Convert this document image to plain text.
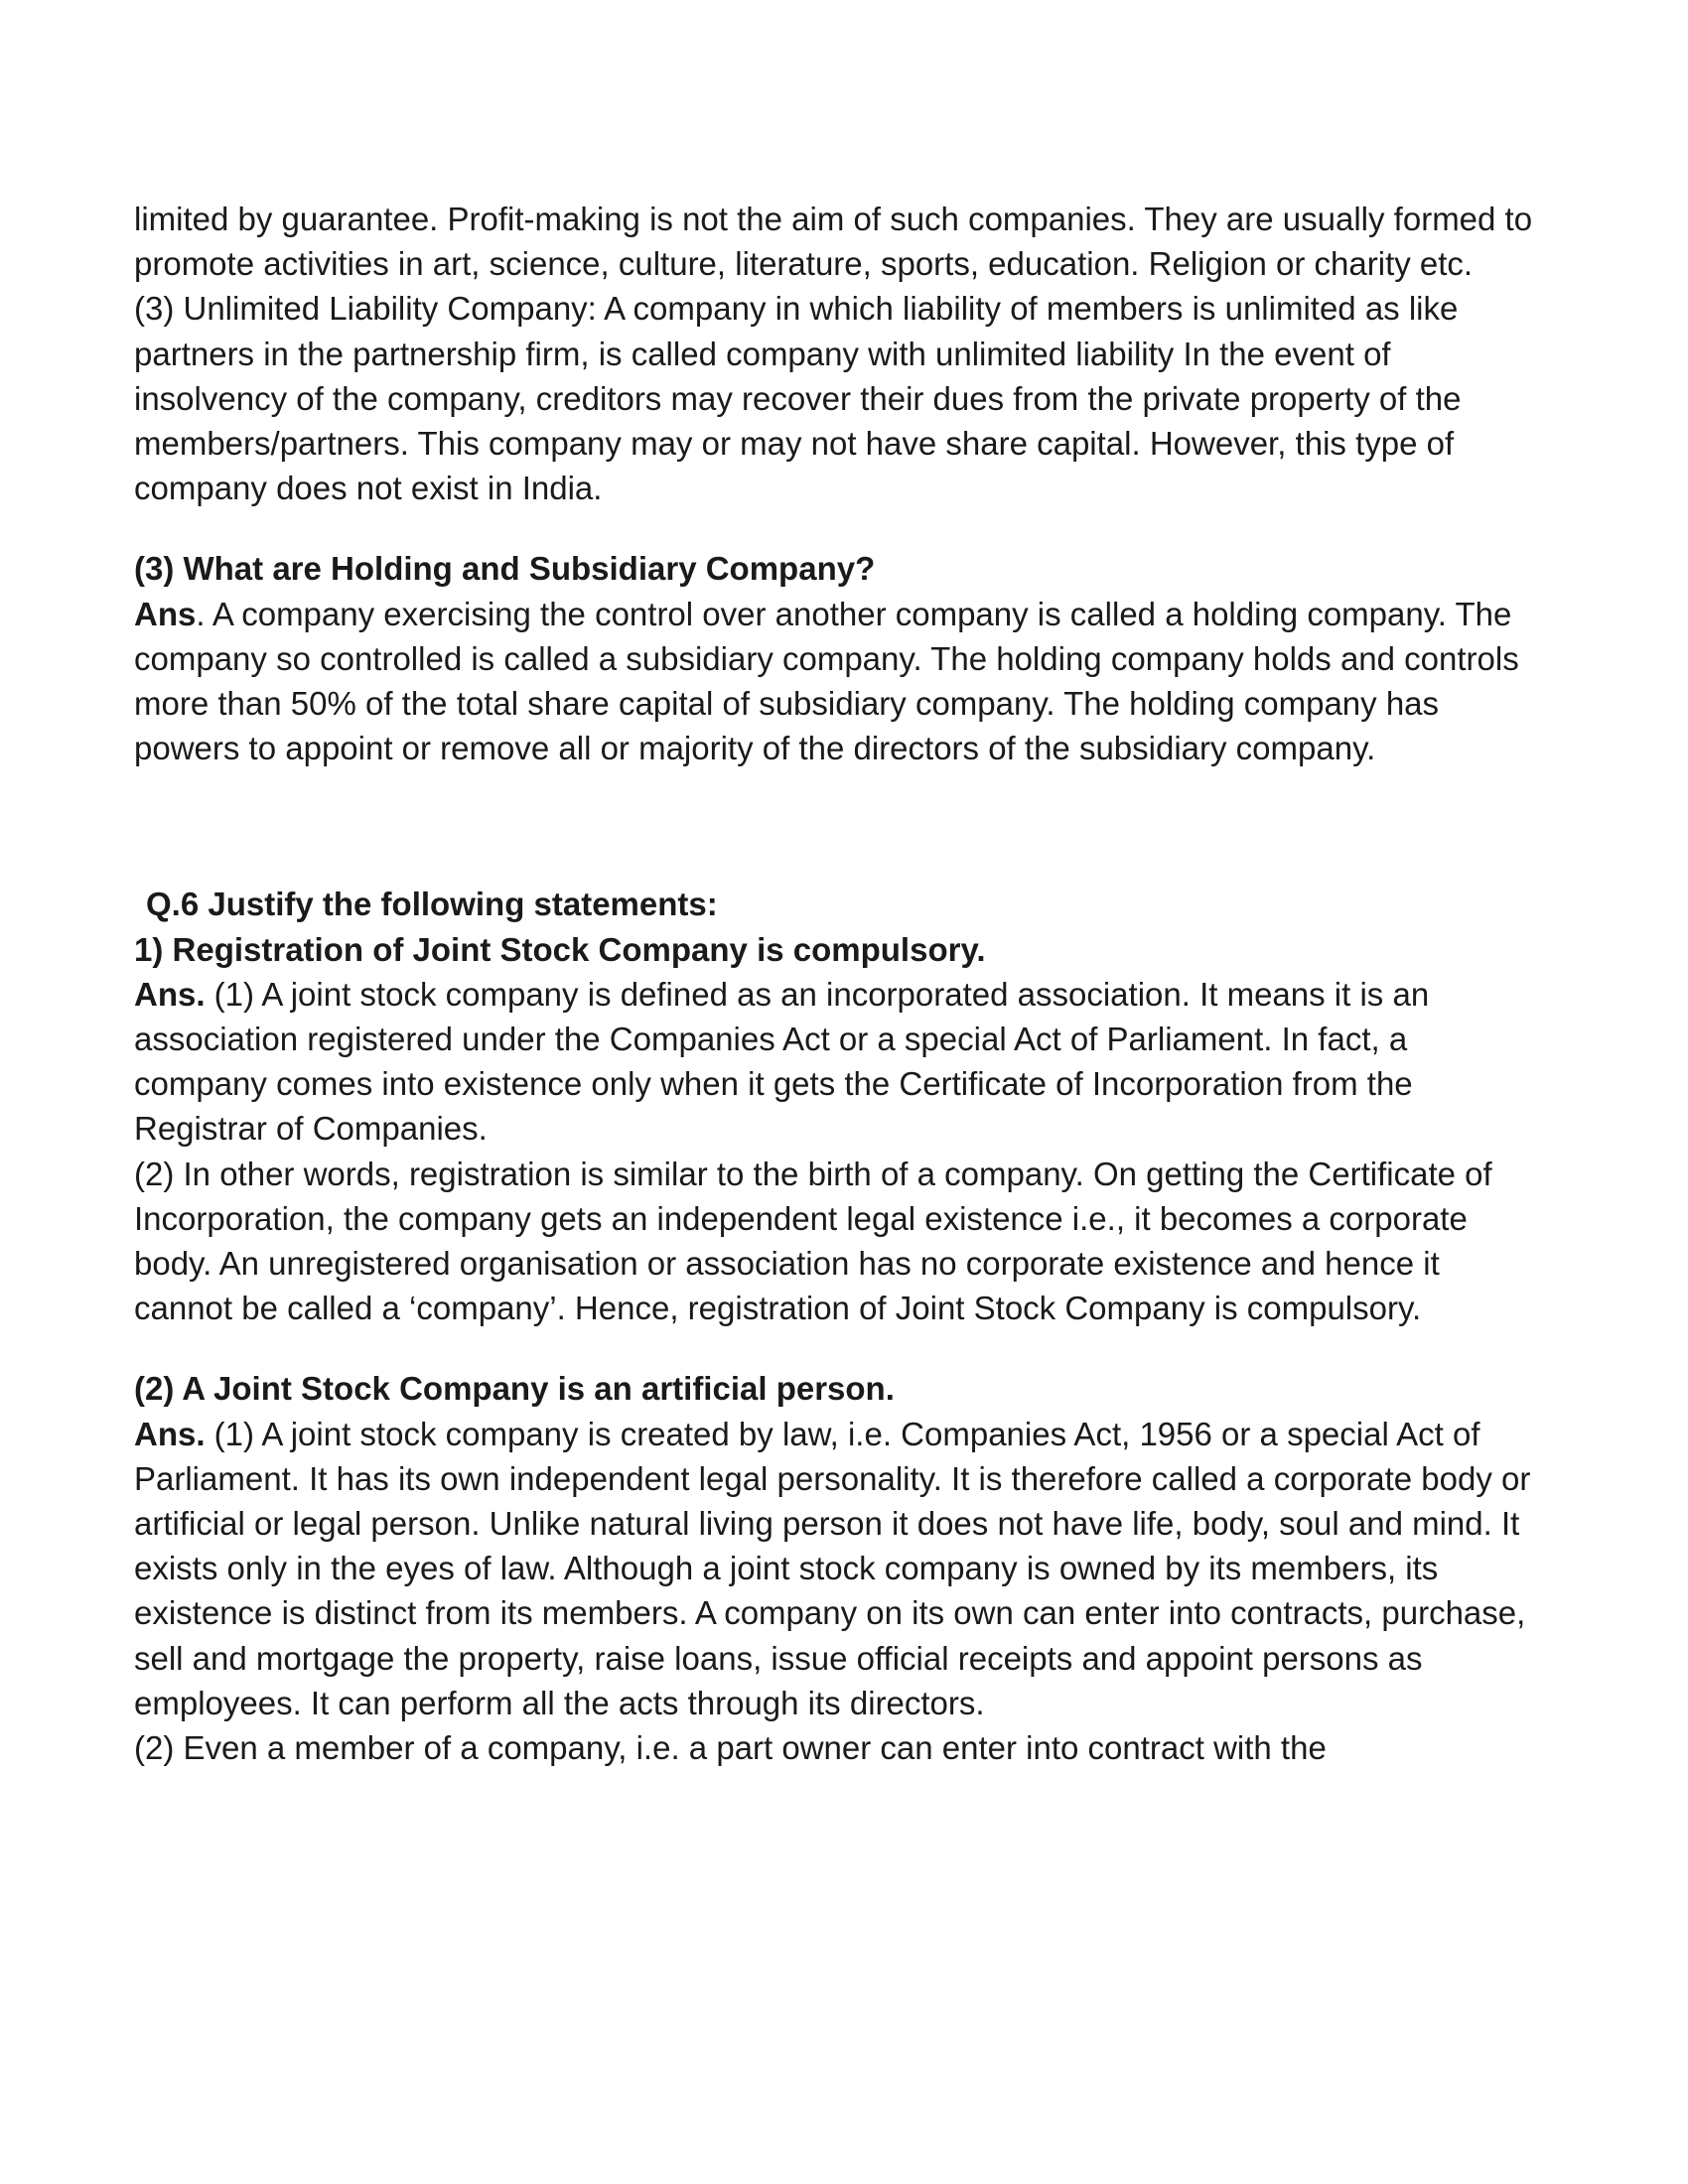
limited by guarantee. Profit-making is not the aim of such companies. They are usually formed to promote activities in art, science, culture, literature, sports, education. Religion or charity etc.

(3) Unlimited Liability Company: A company in which liability of members is unlimited as like partners in the partnership firm, is called company with unlimited liability In the event of insolvency of the company, creditors may recover their dues from the private property of the members/partners. This company may or may not have share capital. However, this type of company does not exist in India.

(3) What are Holding and Subsidiary Company?

Ans. A company exercising the control over another company is called a holding company. The company so controlled is called a subsidiary company. The holding company holds and controls more than 50% of the total share capital of subsidiary company. The holding company has powers to appoint or remove all or majority of the directors of the subsidiary company.

Q.6 Justify the following statements:

1) Registration of Joint Stock Company is compulsory.

Ans. (1) A joint stock company is defined as an incorporated association. It means it is an association registered under the Companies Act or a special Act of Parliament. In fact, a company comes into existence only when it gets the Certificate of Incorporation from the Registrar of Companies.

(2) In other words, registration is similar to the birth of a company. On getting the Certificate of Incorporation, the company gets an independent legal existence i.e., it becomes a corporate body. An unregistered organisation or association has no corporate existence and hence it cannot be called a ‘company’. Hence, registration of Joint Stock Company is compulsory.

(2) A Joint Stock Company is an artificial person.

Ans. (1) A joint stock company is created by law, i.e. Companies Act, 1956 or a special Act of Parliament. It has its own independent legal personality. It is therefore called a corporate body or artificial or legal person. Unlike natural living person it does not have life, body, soul and mind. It exists only in the eyes of law. Although a joint stock company is owned by its members, its existence is distinct from its members. A company on its own can enter into contracts, purchase, sell and mortgage the property, raise loans, issue official receipts and appoint persons as employees. It can perform all the acts through its directors.

(2) Even a member of a company, i.e. a part owner can enter into contract with the
